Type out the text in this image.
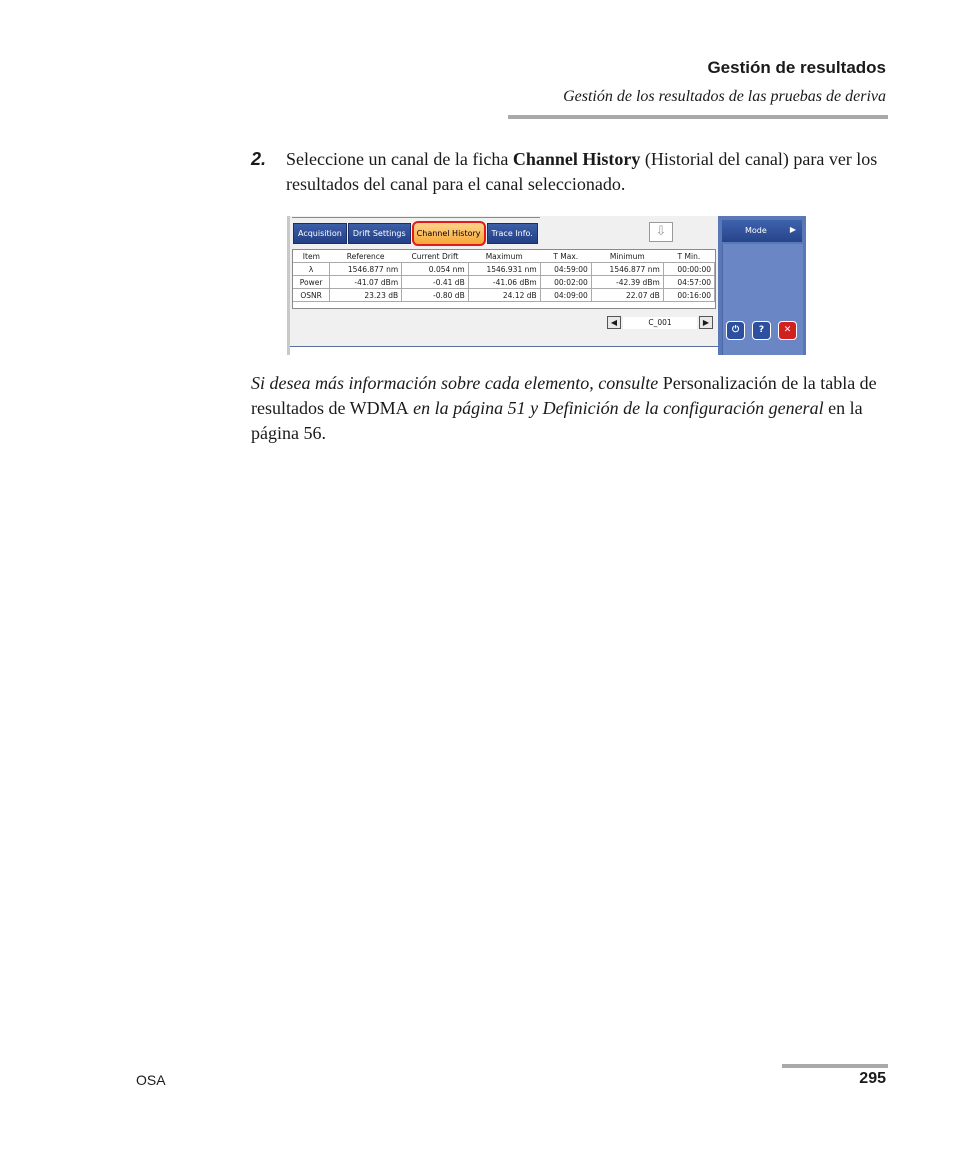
Gestión de resultados
Gestión de los resultados de las pruebas de deriva
2. Seleccione un canal de la ficha Channel History (Historial del canal) para ver los resultados del canal para el canal seleccionado.
Acquisition	Drift Settings	Channel History	Trace Info.	⇩
Item	Reference	Current Drift	Maximum	T Max.	Minimum	T Min.
λ	1546.877 nm	0.054 nm	1546.931 nm	04:59:00	1546.877 nm	00:00:00
Power	-41.07 dBm	-0.41 dB	-41.06 dBm	00:02:00	-42.39 dBm	04:57:00
OSNR	23.23 dB	-0.80 dB	24.12 dB	04:09:00	22.07 dB	00:16:00
◀	C_001	▶
Mode	▶
⏻	?	✕
Si desea más información sobre cada elemento, consulte Personalización de la tabla de resultados de WDMA en la página 51 y Definición de la configuración general en la página 56.
OSA	295
